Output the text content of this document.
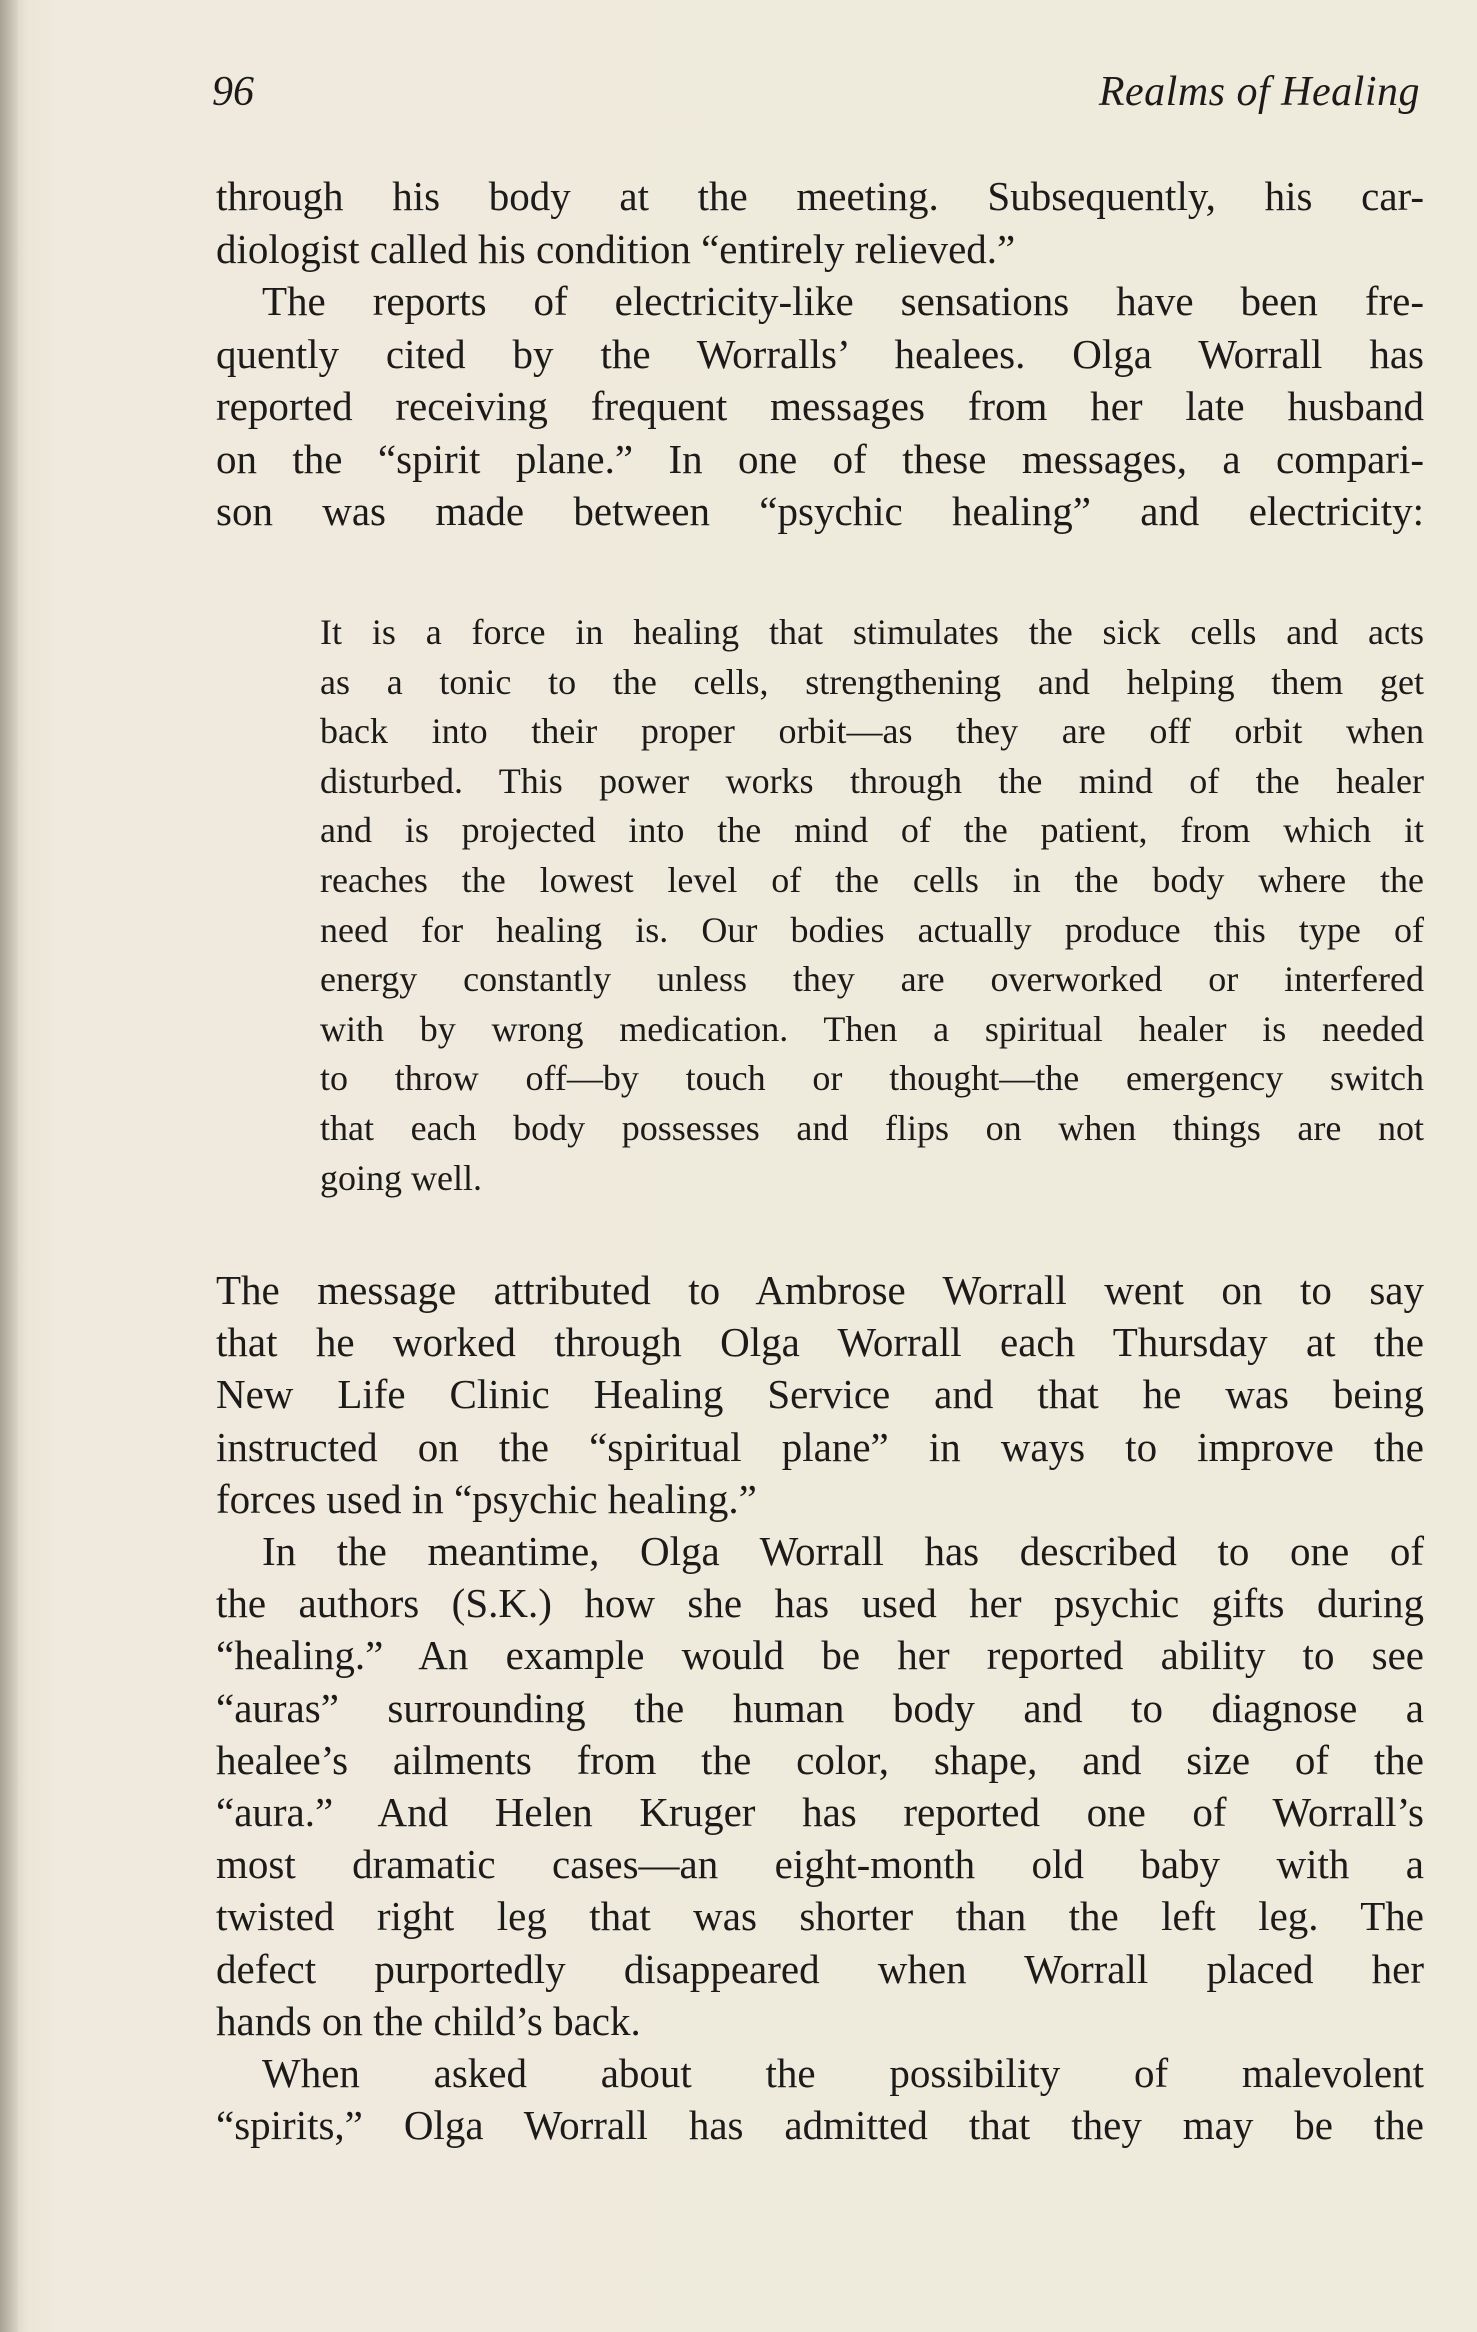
96	Realms of Healing
through his body at the meeting. Subsequently, his car-
diologist called his condition “entirely relieved.”
The reports of electricity-like sensations have been fre-
quently cited by the Worralls’ healees. Olga Worrall has
reported receiving frequent messages from her late husband
on the “spirit plane.” In one of these messages, a compari-
son was made between “psychic healing” and electricity:
It is a force in healing that stimulates the sick cells and acts
as a tonic to the cells, strengthening and helping them get
back into their proper orbit—as they are off orbit when
disturbed. This power works through the mind of the healer
and is projected into the mind of the patient, from which it
reaches the lowest level of the cells in the body where the
need for healing is. Our bodies actually produce this type of
energy constantly unless they are overworked or interfered
with by wrong medication. Then a spiritual healer is needed
to throw off—by touch or thought—the emergency switch
that each body possesses and flips on when things are not
going well.
The message attributed to Ambrose Worrall went on to say
that he worked through Olga Worrall each Thursday at the
New Life Clinic Healing Service and that he was being
instructed on the “spiritual plane” in ways to improve the
forces used in “psychic healing.”
In the meantime, Olga Worrall has described to one of
the authors (S.K.) how she has used her psychic gifts during
“healing.” An example would be her reported ability to see
“auras” surrounding the human body and to diagnose a
healee’s ailments from the color, shape, and size of the
“aura.” And Helen Kruger has reported one of Worrall’s
most dramatic cases—an eight-month old baby with a
twisted right leg that was shorter than the left leg. The
defect purportedly disappeared when Worrall placed her
hands on the child’s back.
When asked about the possibility of malevolent
“spirits,” Olga Worrall has admitted that they may be the
